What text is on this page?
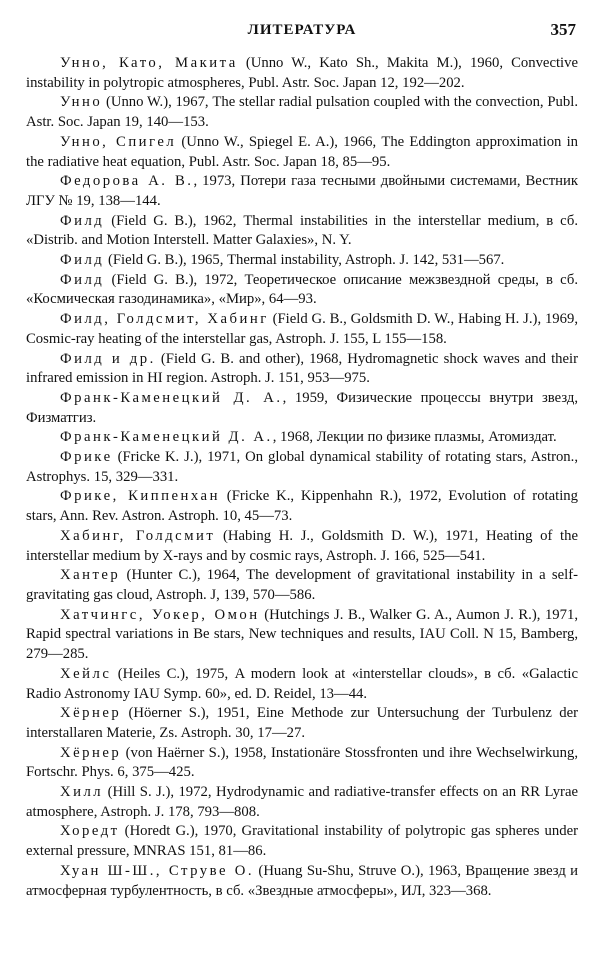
ЛИТЕРАТУРА	357

Унно, Като, Макита (Unno W., Kato Sh., Makita M.), 1960, Convective instability in polytropic atmospheres, Publ. Astr. Soc. Japan 12, 192—202.

Унно (Unno W.), 1967, The stellar radial pulsation coupled with the convection, Publ. Astr. Soc. Japan 19, 140—153.

Унно, Спигел (Unno W., Spiegel E. A.), 1966, The Eddington approximation in the radiative heat equation, Publ. Astr. Soc. Japan 18, 85—95.

Федорова А. В., 1973, Потери газа тесными двойными системами, Вестник ЛГУ № 19, 138—144.

Филд (Field G. B.), 1962, Thermal instabilities in the interstellar medium, в сб. «Distrib. and Motion Interstell. Matter Galaxies», N. Y.

Филд (Field G. B.), 1965, Thermal instability, Astroph. J. 142, 531—567.

Филд (Field G. B.), 1972, Теоретическое описание межзвездной среды, в сб. «Космическая газодинамика», «Мир», 64—93.

Филд, Голдсмит, Хабинг (Field G. B., Goldsmith D. W., Habing H. J.), 1969, Cosmic-ray heating of the interstellar gas, Astroph. J. 155, L 155—158.

Филд и др. (Field G. B. and other), 1968, Hydromagnetic shock waves and their infrared emission in HI region. Astroph. J. 151, 953—975.

Франк-Каменецкий Д. А., 1959, Физические процессы внутри звезд, Физматгиз.

Франк-Каменецкий Д. А., 1968, Лекции по физике плазмы, Атомиздат.

Фрике (Fricke K. J.), 1971, On global dynamical stability of rotating stars, Astron., Astrophys. 15, 329—331.

Фрике, Киппенхан (Fricke K., Kippenhahn R.), 1972, Evolution of rotating stars, Ann. Rev. Astron. Astroph. 10, 45—73.

Хабинг, Голдсмит (Habing H. J., Goldsmith D. W.), 1971, Heating of the interstellar medium by X-rays and by cosmic rays, Astroph. J. 166, 525—541.

Хантер (Hunter C.), 1964, The development of gravitational instability in a self-gravitating gas cloud, Astroph. J, 139, 570—586.

Хатчингс, Уокер, Омон (Hutchings J. B., Walker G. A., Aumon J. R.), 1971, Rapid spectral variations in Be stars, New techniques and results, IAU Coll. N 15, Bamberg, 279—285.

Хейлс (Heiles C.), 1975, A modern look at «interstellar clouds», в сб. «Galactic Radio Astronomy IAU Symp. 60», ed. D. Reidel, 13—44.

Хёрнер (Höerner S.), 1951, Eine Methode zur Untersuchung der Turbulenz der interstallaren Materie, Zs. Astroph. 30, 17—27.

Хёрнер (von Haërner S.), 1958, Instationäre Stossfronten und ihre Wechselwirkung, Fortschr. Phys. 6, 375—425.

Хилл (Hill S. J.), 1972, Hydrodynamic and radiative-transfer effects on an RR Lyrae atmosphere, Astroph. J. 178, 793—808.

Хоредт (Horedt G.), 1970, Gravitational instability of polytropic gas spheres under external pressure, MNRAS 151, 81—86.

Хуан Ш-Ш., Струве О. (Huang Su-Shu, Struve O.), 1963, Вращение звезд и атмосферная турбулентность, в сб. «Звездные атмосферы», ИЛ, 323—368.
